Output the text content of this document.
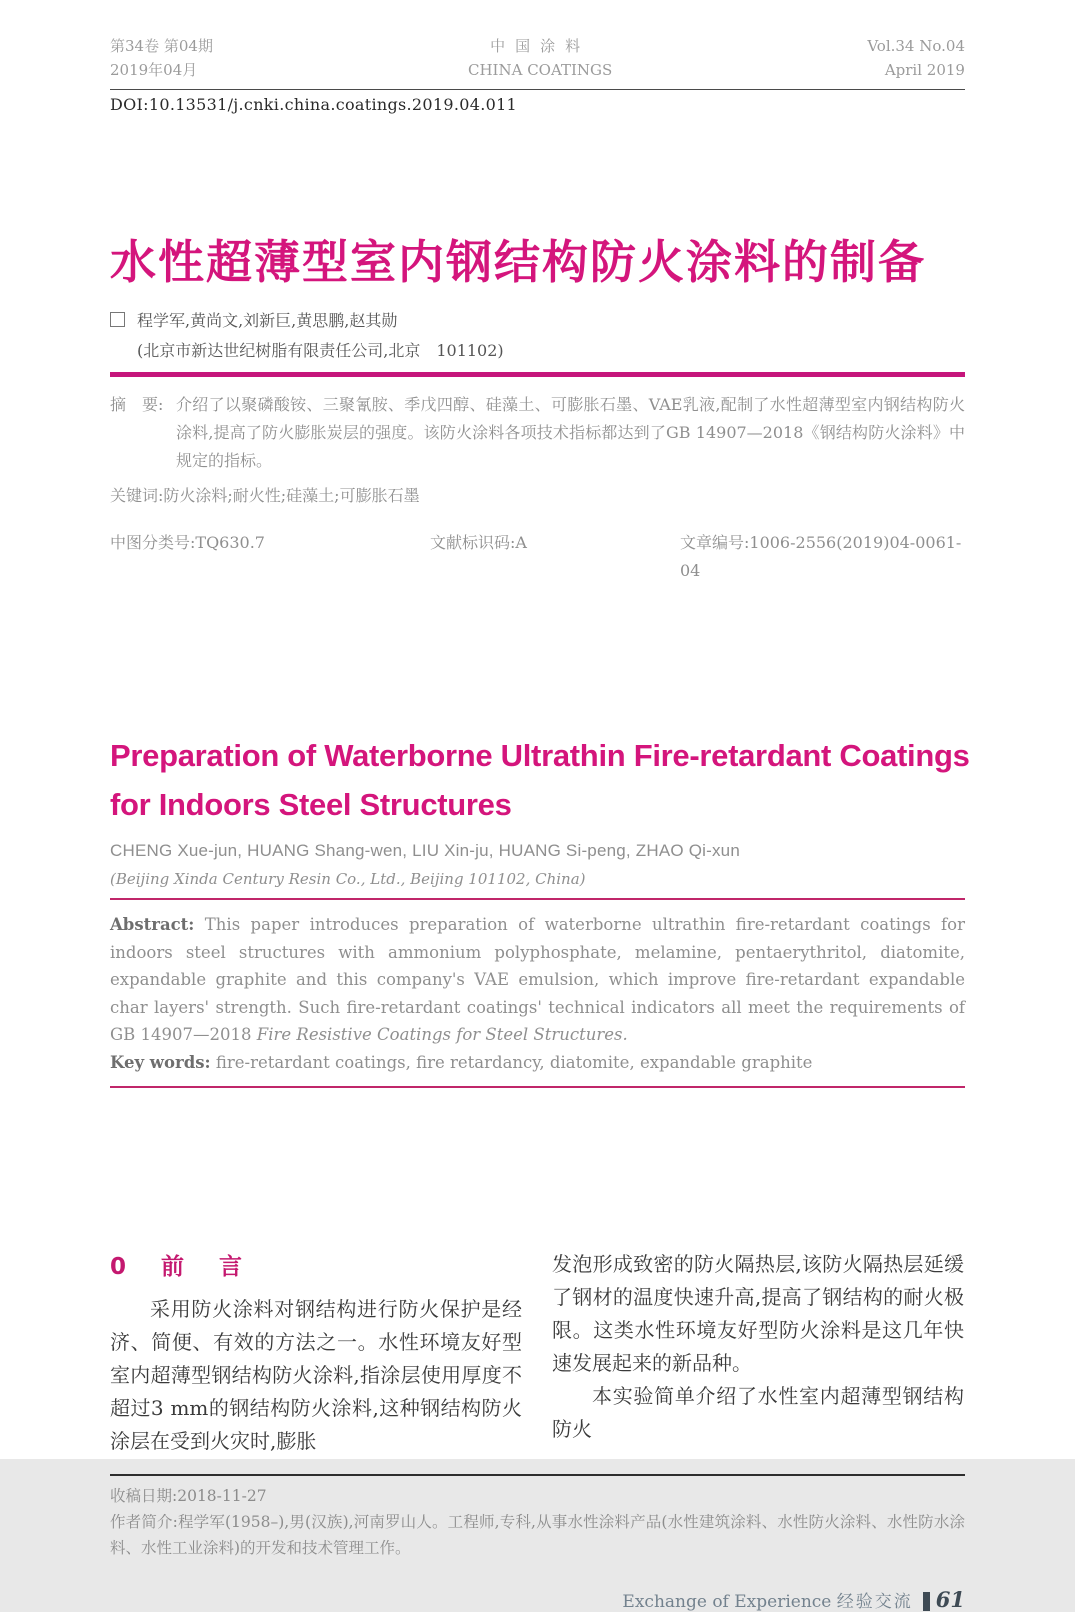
第34卷 第04期
2019年04月
中国涂料
CHINA COATINGS
Vol.34 No.04
April 2019
DOI:10.13531/j.cnki.china.coatings.2019.04.011
水性超薄型室内钢结构防火涂料的制备
程学军,黄尚文,刘新巨,黄思鹏,赵其勋
(北京市新达世纪树脂有限责任公司,北京　101102)
摘　要: 介绍了以聚磷酸铵、三聚氰胺、季戊四醇、硅藻土、可膨胀石墨、VAE乳液,配制了水性超薄型室内钢结构防火涂料,提高了防火膨胀炭层的强度。该防火涂料各项技术指标都达到了GB 14907—2018《钢结构防火涂料》中规定的指标。

关键词:防火涂料;耐火性;硅藻土;可膨胀石墨
中图分类号:TQ630.7	文献标识码:A	文章编号:1006-2556(2019)04-0061-04
Preparation of Waterborne Ultrathin Fire-retardant Coatings
for Indoors Steel Structures
CHENG Xue-jun, HUANG Shang-wen, LIU Xin-ju, HUANG Si-peng, ZHAO Qi-xun
(Beijing Xinda Century Resin Co., Ltd., Beijing 101102, China)

Abstract: This paper introduces preparation of waterborne ultrathin fire-retardant coatings for indoors steel structures with ammonium polyphosphate, melamine, pentaerythritol, diatomite, expandable graphite and this company's VAE emulsion, which improve fire-retardant expandable char layers' strength. Such fire-retardant coatings' technical indicators all meet the requirements of GB 14907—2018 Fire Resistive Coatings for Steel Structures.

Key words: fire-retardant coatings, fire retardancy, diatomite, expandable graphite

0　前　言

采用防火涂料对钢结构进行防火保护是经济、简便、有效的方法之一。水性环境友好型室内超薄型钢结构防火涂料,指涂层使用厚度不超过3 mm的钢结构防火涂料,这种钢结构防火涂层在受到火灾时,膨胀

发泡形成致密的防火隔热层,该防火隔热层延缓了钢材的温度快速升高,提高了钢结构的耐火极限。这类水性环境友好型防火涂料是这几年快速发展起来的新品种。

本实验简单介绍了水性室内超薄型钢结构防火

收稿日期:2018-11-27

作者简介:程学军(1958–),男(汉族),河南罗山人。工程师,专科,从事水性涂料产品(水性建筑涂料、水性防火涂料、水性防水涂料、水性工业涂料)的开发和技术管理工作。

Exchange of Experience 经验交流 61
